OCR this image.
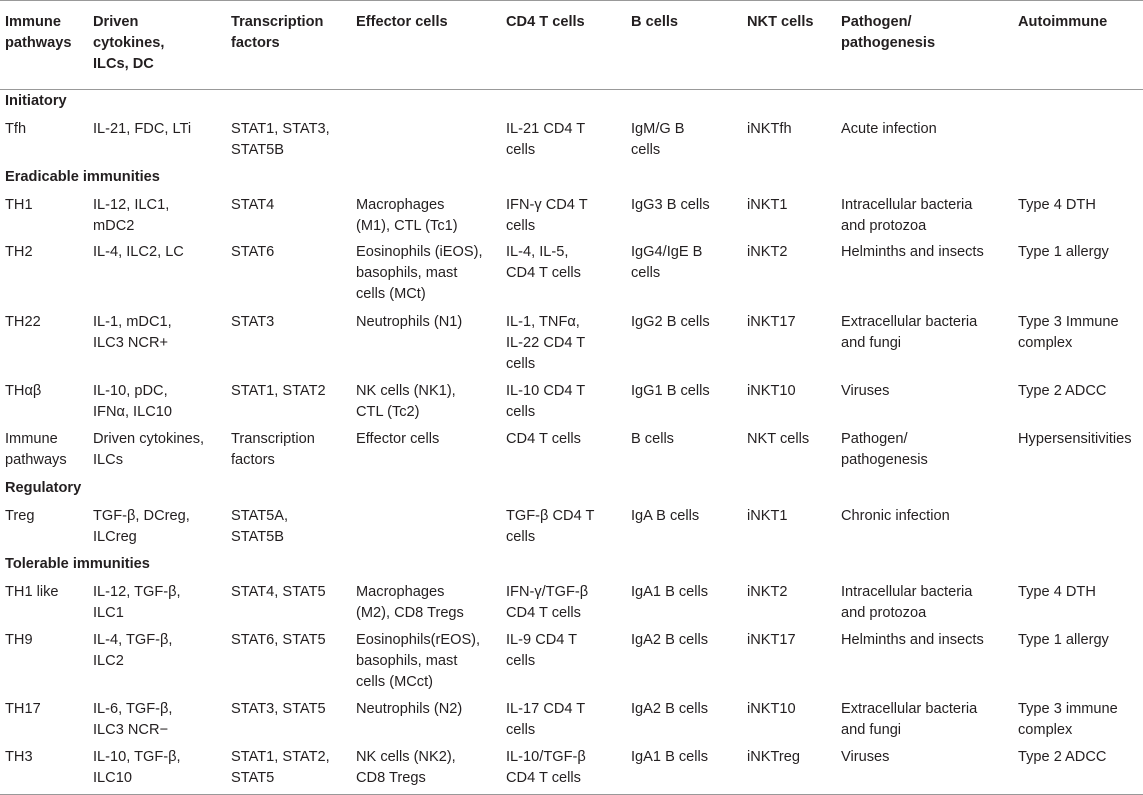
Immune
pathways	Driven
cytokines,
ILCs, DC	Transcription
factors	Effector cells	CD4 T cells	B cells	NKT cells	Pathogen/
pathogenesis	Autoimmune
Initiatory								
Tfh	IL-21, FDC, LTi	STAT1, STAT3,
STAT5B		IL-21 CD4 T
cells	IgM/G B
cells	iNKTfh	Acute infection	
Eradicable immunities								
TH1	IL-12, ILC1,
mDC2	STAT4	Macrophages
(M1), CTL (Tc1)	IFN-γ CD4 T
cells	IgG3 B cells	iNKT1	Intracellular bacteria
and protozoa	Type 4 DTH
TH2	IL-4, ILC2, LC	STAT6	Eosinophils (iEOS),
basophils, mast
cells (MCt)	IL-4, IL-5,
CD4 T cells	IgG4/IgE B
cells	iNKT2	Helminths and insects	Type 1 allergy
TH22	IL-1, mDC1,
ILC3 NCR+	STAT3	Neutrophils (N1)	IL-1, TNFα,
IL-22 CD4 T
cells	IgG2 B cells	iNKT17	Extracellular bacteria
and fungi	Type 3 Immune
complex
THαβ	IL-10, pDC,
IFNα, ILC10	STAT1, STAT2	NK cells (NK1),
CTL (Tc2)	IL-10 CD4 T
cells	IgG1 B cells	iNKT10	Viruses	Type 2 ADCC
Immune
pathways	Driven cytokines,
ILCs	Transcription
factors	Effector cells	CD4 T cells	B cells	NKT cells	Pathogen/
pathogenesis	Hypersensitivities
Regulatory								
Treg	TGF-β, DCreg,
ILCreg	STAT5A,
STAT5B		TGF-β CD4 T
cells	IgA B cells	iNKT1	Chronic infection	
Tolerable immunities								
TH1 like	IL-12, TGF-β,
ILC1	STAT4, STAT5	Macrophages
(M2), CD8 Tregs	IFN-γ/TGF-β
CD4 T cells	IgA1 B cells	iNKT2	Intracellular bacteria
and protozoa	Type 4 DTH
TH9	IL-4, TGF-β,
ILC2	STAT6, STAT5	Eosinophils(rEOS),
basophils, mast
cells (MCct)	IL-9 CD4 T
cells	IgA2 B cells	iNKT17	Helminths and insects	Type 1 allergy
TH17	IL-6, TGF-β,
ILC3 NCR−	STAT3, STAT5	Neutrophils (N2)	IL-17 CD4 T
cells	IgA2 B cells	iNKT10	Extracellular bacteria
and fungi	Type 3 immune
complex
TH3	IL-10, TGF-β,
ILC10	STAT1, STAT2,
STAT5	NK cells (NK2),
CD8 Tregs	IL-10/TGF-β
CD4 T cells	IgA1 B cells	iNKTreg	Viruses	Type 2 ADCC
